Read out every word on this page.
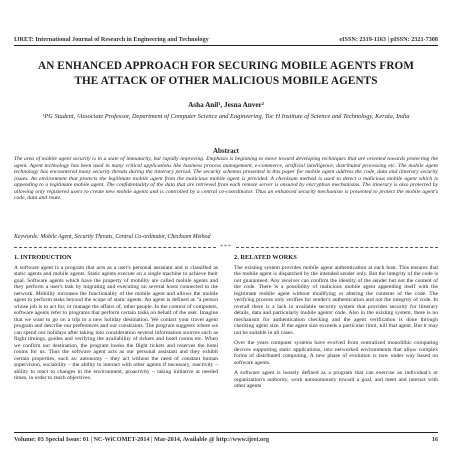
IJRET: International Journal of Research in Engineering and Technology	eISSN: 2319-1163 | pISSN: 2321-7308
AN ENHANCED APPROACH FOR SECURING MOBILE AGENTS FROM
THE ATTACK OF OTHER MALICIOUS MOBILE AGENTS
Asha Anil¹, Jesna Anver²
¹PG Student, ²Associate Professor, Department of Computer Science and Engineering, Toc H Institute of Science and Technology, Kerala, India
Abstract
The area of mobile agent security is in a state of immaturity, but rapidly improving. Emphasis is beginning to move toward developing techniques that are oriented towards protecting the agent. Agent technology has been used in many critical applications like business process management, e-commerce, artificial intelligence, distributed processing etc. The mobile agent technology has encountered many security threats during the itinerary period. The security schemes presented in this paper for mobile agent address the code, data and itinerary security issues. An environment that protects the legitimate mobile agent from the malicious mobile agent is provided. A checksum method is used to detect a malicious mobile agent which is appending to a legitimate mobile agent. The confidentiality of the data that are retrieved from each remote server is ensured by encryption mechanisms. The itinerary is also protected by allowing only registered users to create new mobile agents and is controlled by a central co-coordinator. Thus an enhanced security mechanism is presented to protect the mobile agent's code, data and route.
Keywords: Mobile Agent, Security Threats, Central Co-ordinator, Checksum Method
***
1. INTRODUCTION

A software agent is a program that acts as a user's personal assistant and is classified as static agents and mobile agents. Static agents execute on a single machine to achieve their goal. Software agents which have the property of mobility are called mobile agents and they perform a user's task by migrating and executing on several hosts connected to the network. Mobility increases the functionality of the mobile agent and allows the mobile agent to perform tasks beyond the scope of static agents. An agent is defined as "a person whose job is to act for, or manage the affairs of, other people. In the context of computers, software agents refer to programs that perform certain tasks on behalf of the user. Imagine that we want to go on a trip to a new holiday destination. We contact your travel agent program and describe our preferences and our constraints. The program suggests where we can spend our holidays after taking into consideration several information sources such as flight timings, guides and verifying the availability of tickets and hotel rooms etc. When we confirm our destination, the program books the flight tickets and reserves the hotel rooms for us. Thus the software agent acts as our personal assistant and they exhibit certain properties, such as: autonomy – they act without the need of constant human supervision, sociability – the ability to interact with other agents if necessary, reactivity – ability to react to changes in the environment, proactivity – taking initiative at needed times, in order to reach objectives.

2. RELATED WORKS

The existing system provides mobile agent authentication at each host. This ensures that the mobile agent is dispatched by the intended sender only. But the integrity of the code is not guaranteed. Any receiver can confirm the identity of the sender but not the content of the code. There is a possibility of malicious mobile agent appending itself with the legitimate mobile agent without modifying or altering the contents of the code. The verifying process only verifies for sender's authentication and not the integrity of code. In overall there is a lack in available security system that provides security for itinerary details, data and particularly mobile agents' code. Also in the existing system, there is no mechanism for authentication checking and the agent verification is done through checking agent size. If the agent size exceeds a particular limit, kill that agent. But it may not be suitable in all cases.

Over the years computer systems have evolved from centralized monolithic computing devices supporting static applications, into networked environments that allow complex forms of distributed computing. A new phase of evolution is now under way based on software agents.

A software agent is loosely defined as a program that can exercise an individual's or organization's authority, work autonomously toward a goal, and meet and interact with other agents

Volume: 03 Special Issue: 01 | NC-WiCOMET-2014 | Mar-2014, Available @ http://www.ijret.org	16
